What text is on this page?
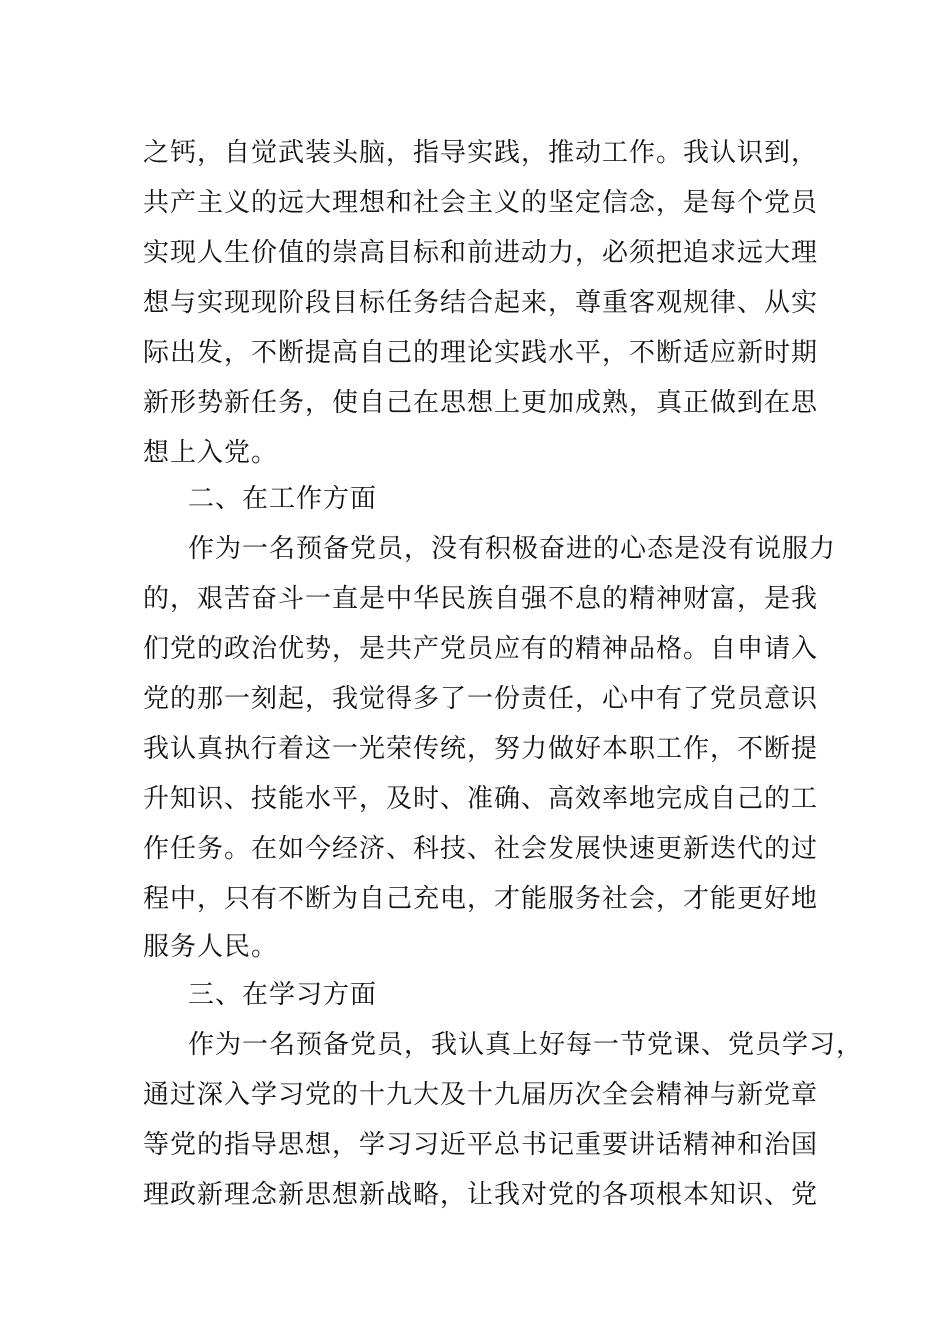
之钙，自觉武装头脑，指导实践，推动工作。我认识到，
共产主义的远大理想和社会主义的坚定信念，是每个党员
实现人生价值的崇高目标和前进动力，必须把追求远大理
想与实现现阶段目标任务结合起来，尊重客观规律、从实
际出发，不断提高自己的理论实践水平，不断适应新时期
新形势新任务，使自己在思想上更加成熟，真正做到在思
想上入党。
二、在工作方面
作为一名预备党员，没有积极奋进的心态是没有说服力
的，艰苦奋斗一直是中华民族自强不息的精神财富，是我
们党的政治优势，是共产党员应有的精神品格。自申请入
党的那一刻起，我觉得多了一份责任，心中有了党员意识
我认真执行着这一光荣传统，努力做好本职工作，不断提
升知识、技能水平，及时、准确、高效率地完成自己的工
作任务。在如今经济、科技、社会发展快速更新迭代的过
程中，只有不断为自己充电，才能服务社会，才能更好地
服务人民。
三、在学习方面
作为一名预备党员，我认真上好每一节党课、党员学习，
通过深入学习党的十九大及十九届历次全会精神与新党章
等党的指导思想，学习习近平总书记重要讲话精神和治国
理政新理念新思想新战略，让我对党的各项根本知识、党
